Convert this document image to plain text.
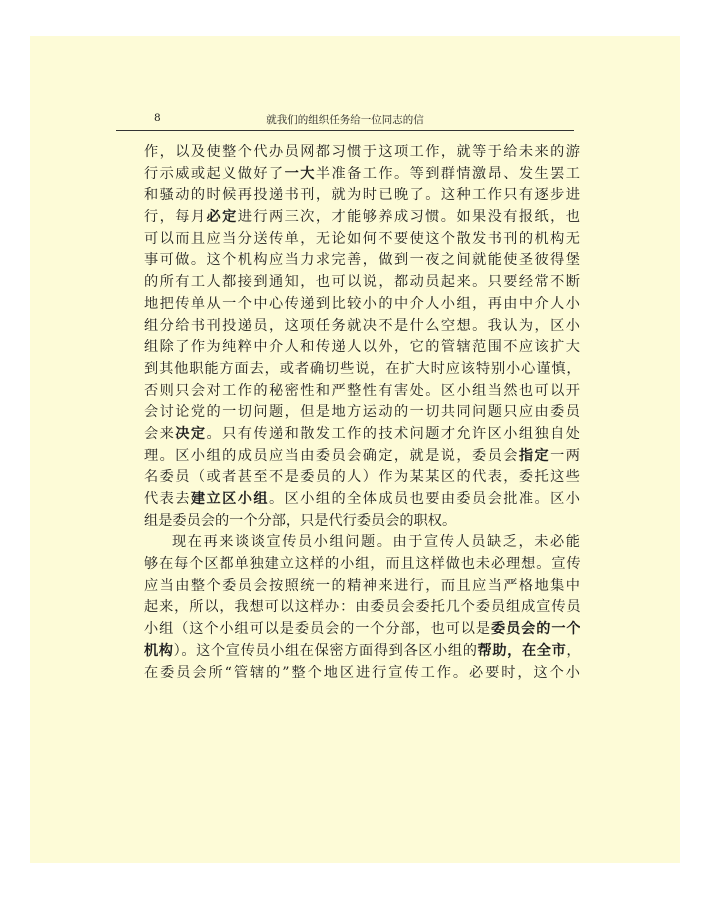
8	就我们的组织任务给一位同志的信
作，以及使整个代办员网都习惯于这项工作，就等于给未来的游
行示威或起义做好了一大半准备工作。等到群情激昂、发生罢工
和骚动的时候再投递书刊，就为时已晚了。这种工作只有逐步进
行，每月必定进行两三次，才能够养成习惯。如果没有报纸，也
可以而且应当分送传单，无论如何不要使这个散发书刊的机构无
事可做。这个机构应当力求完善，做到一夜之间就能使圣彼得堡
的所有工人都接到通知，也可以说，都动员起来。只要经常不断
地把传单从一个中心传递到比较小的中介人小组，再由中介人小
组分给书刊投递员，这项任务就决不是什么空想。我认为，区小
组除了作为纯粹中介人和传递人以外，它的管辖范围不应该扩大
到其他职能方面去，或者确切些说，在扩大时应该特别小心谨慎，
否则只会对工作的秘密性和严整性有害处。区小组当然也可以开
会讨论党的一切问题，但是地方运动的一切共同问题只应由委员
会来决定。只有传递和散发工作的技术问题才允许区小组独自处
理。区小组的成员应当由委员会确定，就是说，委员会指定一两
名委员（或者甚至不是委员的人）作为某某区的代表，委托这些
代表去建立区小组。区小组的全体成员也要由委员会批准。区小
组是委员会的一个分部，只是代行委员会的职权。
现在再来谈谈宣传员小组问题。由于宣传人员缺乏，未必能
够在每个区都单独建立这样的小组，而且这样做也未必理想。宣传
应当由整个委员会按照统一的精神来进行，而且应当严格地集中
起来，所以，我想可以这样办：由委员会委托几个委员组成宣传员
小组（这个小组可以是委员会的一个分部，也可以是委员会的一个
机构）。这个宣传员小组在保密方面得到各区小组的帮助，在全市，
在委员会所“管辖的”整个地区进行宣传工作。必要时，这个小
